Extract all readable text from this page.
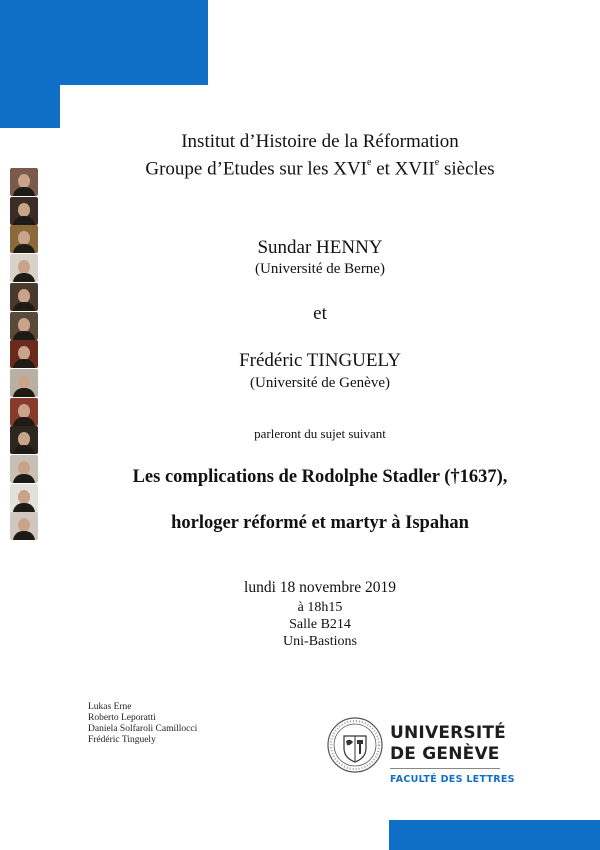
Institut d’Histoire de la Réformation
Groupe d’Etudes sur les XVIe et XVIIe siècles
Sundar HENNY
(Université de Berne)
et
Frédéric TINGUELY
(Université de Genève)
parleront du sujet suivant
Les complications de Rodolphe Stadler (†1637),
horloger réformé et martyr à Ispahan
lundi 18 novembre 2019
à 18h15
Salle B214
Uni-Bastions
Lukas Erne
Roberto Leporatti
Daniela Solfaroli Camillocci
Frédéric Tinguely	UNIVERSITÉ
DE GENÈVE
FACULTÉ DES LETTRES
